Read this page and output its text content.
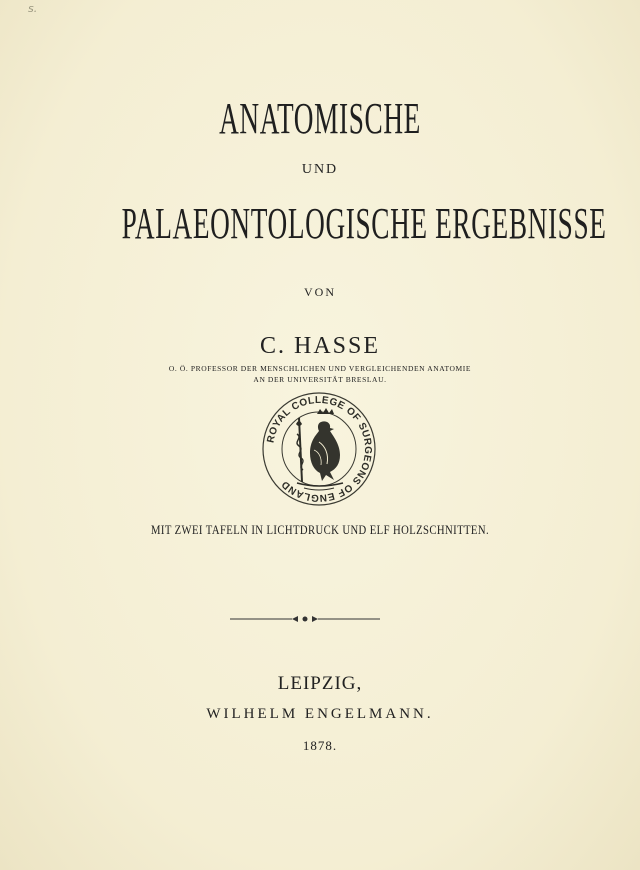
s.
ANATOMISCHE
UND
PALAEONTOLOGISCHE ERGEBNISSE
VON
C. HASSE
O. Ö. PROFESSOR DER MENSCHLICHEN UND VERGLEICHENDEN ANATOMIE
AN DER UNIVERSITÄT BRESLAU.
ROYAL COLLEGE OF SURGEONS OF ENGLAND
MIT ZWEI TAFELN IN LICHTDRUCK UND ELF HOLZSCHNITTEN.
LEIPZIG,
WILHELM ENGELMANN.
1878.
